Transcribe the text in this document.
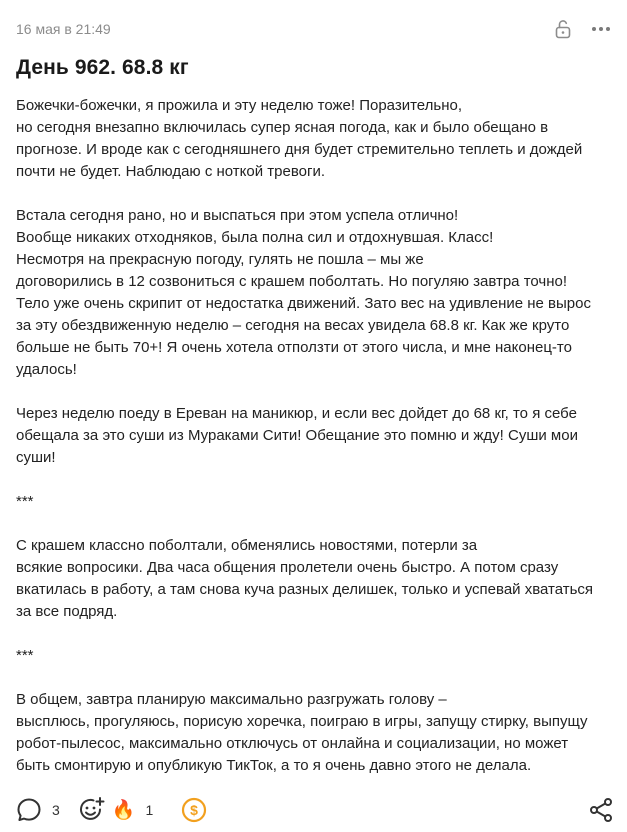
16 мая в 21:49
День 962. 68.8 кг
Божечки-божечки, я прожила и эту неделю тоже! Поразительно,
но сегодня внезапно включилась супер ясная погода, как и было обещано в
прогнозе. И вроде как с сегодняшнего дня будет стремительно теплеть и дождей
почти не будет. Наблюдаю с ноткой тревоги.
Встала сегодня рано, но и выспаться при этом успела отлично!
Вообще никаких отходняков, была полна сил и отдохнувшая. Класс!
Несмотря на прекрасную погоду, гулять не пошла – мы же
договорились в 12 созвониться с крашем поболтать. Но погуляю завтра точно!
Тело уже очень скрипит от недостатка движений. Зато вес на удивление не вырос
за эту обездвиженную неделю – сегодня на весах увидела 68.8 кг. Как же круто
больше не быть 70+! Я очень хотела отползти от этого числа, и мне наконец-то
удалось!
Через неделю поеду в Ереван на маникюр, и если вес дойдет до 68 кг, то я себе
обещала за это суши из Мураками Сити! Обещание это помню и жду! Суши мои
суши!
***
С крашем классно поболтали, обменялись новостями, потерли за
всякие вопросики. Два часа общения пролетели очень быстро. А потом сразу
вкатилась в работу, а там снова куча разных делишек, только и успевай хвататься
за все подряд.
***
В общем, завтра планирую максимально разгружать голову –
высплюсь, прогуляюсь, порисую хоречка, поиграю в игры, запущу стирку, выпущу
робот-пылесос, максимально отключусь от онлайна и социализации, но может
быть смонтирую и опубликую ТикТок, а то я очень давно этого не делала.
3	🔥 1	$
